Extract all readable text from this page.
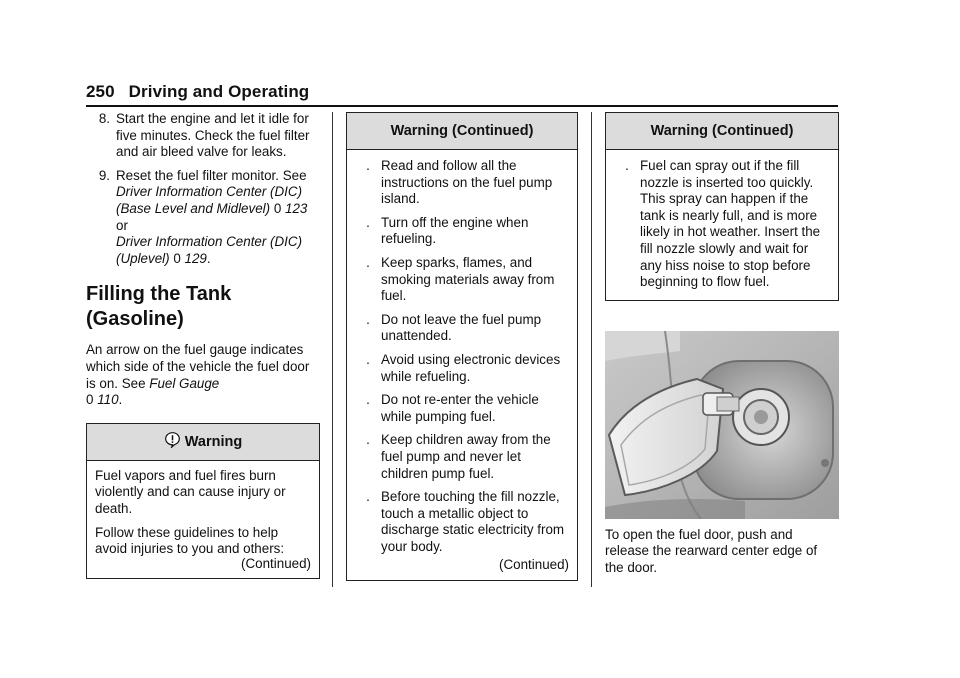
250 Driving and Operating
8. Start the engine and let it idle for five minutes. Check the fuel filter and air bleed valve for leaks.
9. Reset the fuel filter monitor. See Driver Information Center (DIC) (Base Level and Midlevel) 0 123 or
Driver Information Center (DIC) (Uplevel) 0 129.
Filling the Tank
(Gasoline)

An arrow on the fuel gauge indicates which side of the vehicle the fuel door is on. See Fuel Gauge
0 110.

Warning

Fuel vapors and fuel fires burn violently and can cause injury or death.

Follow these guidelines to help avoid injuries to you and others:

(Continued)
Warning (Continued)
. Read and follow all the instructions on the fuel pump island.
. Turn off the engine when refueling.
. Keep sparks, flames, and smoking materials away from fuel.
. Do not leave the fuel pump unattended.
. Avoid using electronic devices while refueling.
. Do not re-enter the vehicle while pumping fuel.
. Keep children away from the fuel pump and never let children pump fuel.
. Before touching the fill nozzle, touch a metallic object to discharge static electricity from your body.
(Continued)
Warning (Continued)
. Fuel can spray out if the fill nozzle is inserted too quickly. This spray can happen if the tank is nearly full, and is more likely in hot weather. Insert the fill nozzle slowly and wait for any hiss noise to stop before beginning to flow fuel.

To open the fuel door, push and release the rearward center edge of the door.
